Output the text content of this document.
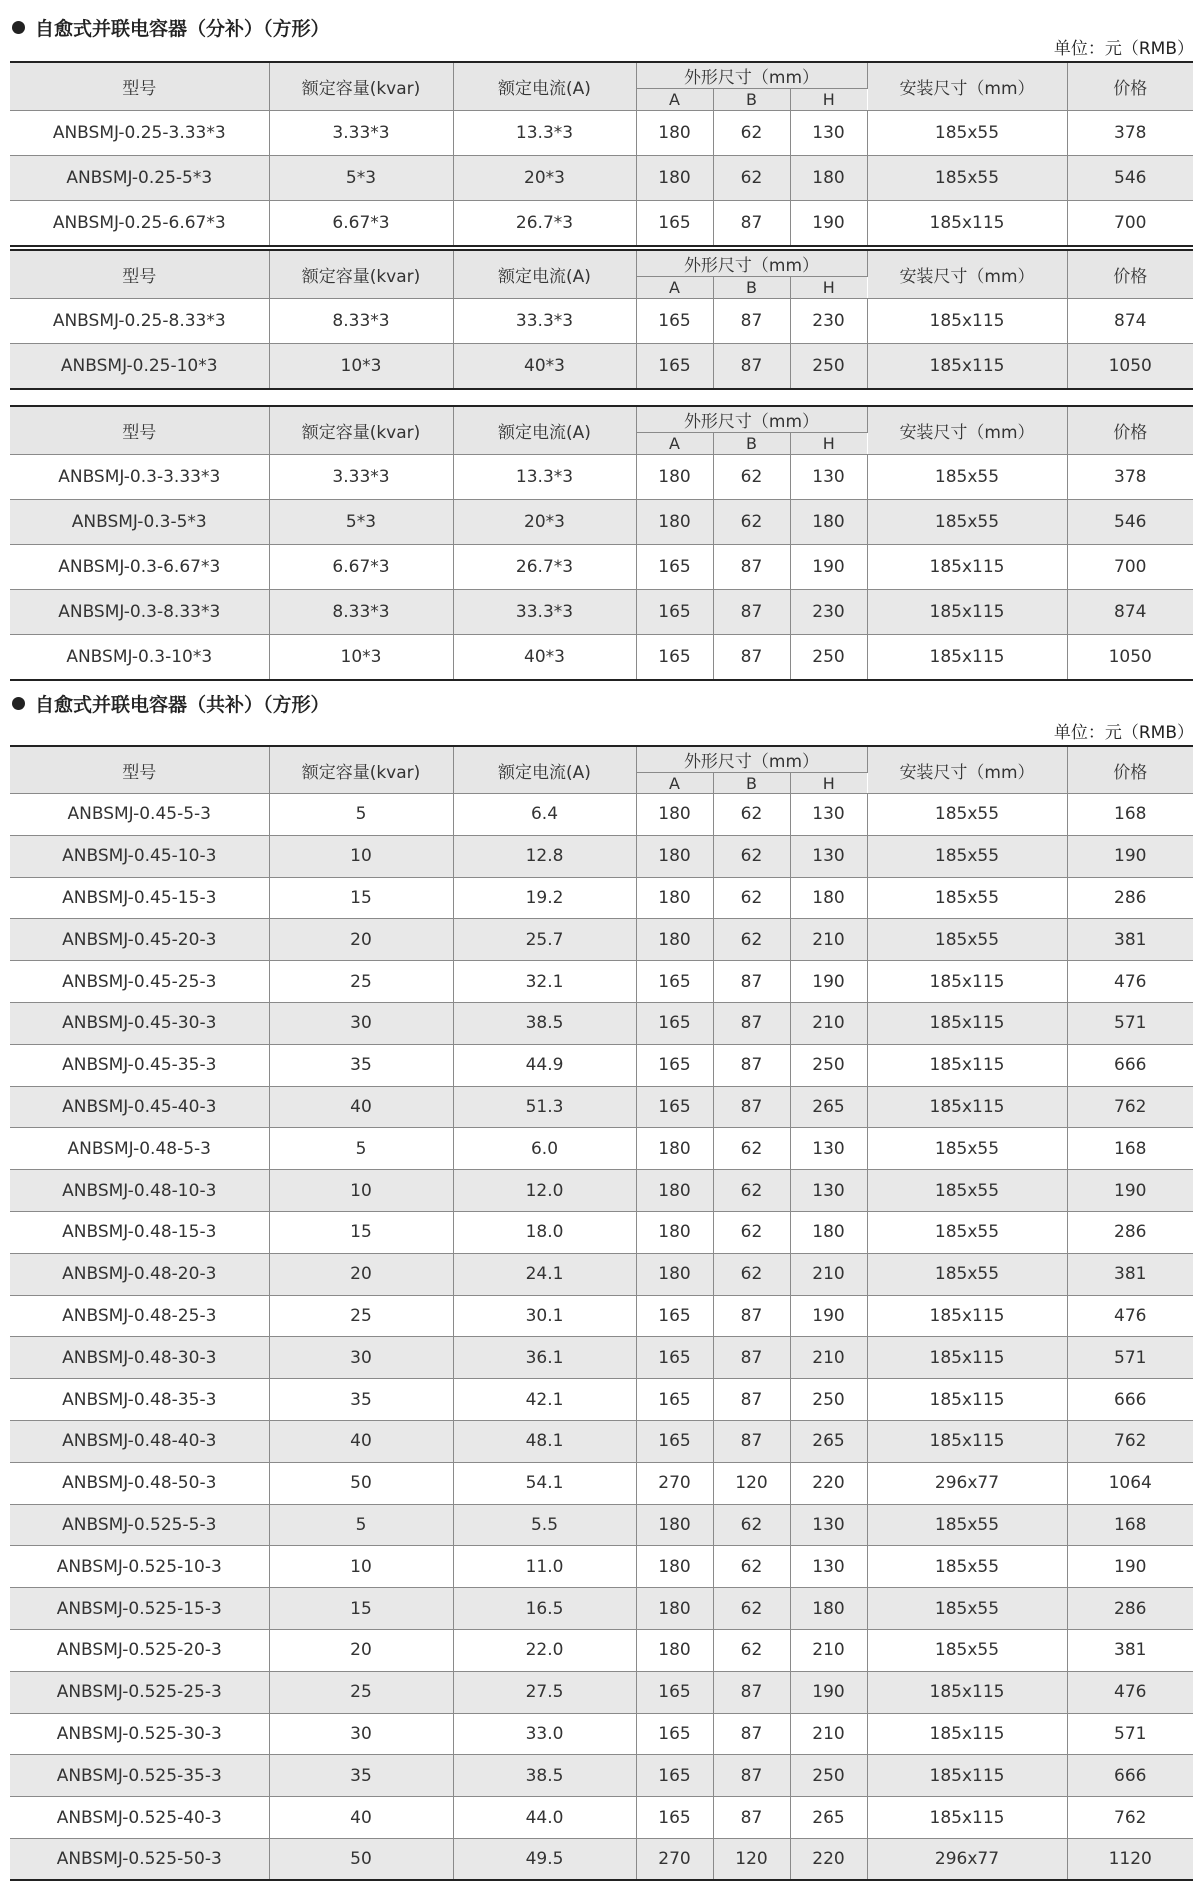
自愈式并联电容器（分补）（方形）
单位：元（RMB）
型号	额定容量(kvar)	额定电流(A)	外形尺寸（mm）			安装尺寸（mm）	价格
			A	B	H		
ANBSMJ-0.25-3.33*3	3.33*3	13.3*3	180	62	130	185x55	378
ANBSMJ-0.25-5*3	5*3	20*3	180	62	180	185x55	546
ANBSMJ-0.25-6.67*3	6.67*3	26.7*3	165	87	190	185x115	700
型号	额定容量(kvar)	额定电流(A)	外形尺寸（mm）			安装尺寸（mm）	价格
			A	B	H		
ANBSMJ-0.25-8.33*3	8.33*3	33.3*3	165	87	230	185x115	874
ANBSMJ-0.25-10*3	10*3	40*3	165	87	250	185x115	1050
型号	额定容量(kvar)	额定电流(A)	外形尺寸（mm）			安装尺寸（mm）	价格
			A	B	H		
ANBSMJ-0.3-3.33*3	3.33*3	13.3*3	180	62	130	185x55	378
ANBSMJ-0.3-5*3	5*3	20*3	180	62	180	185x55	546
ANBSMJ-0.3-6.67*3	6.67*3	26.7*3	165	87	190	185x115	700
ANBSMJ-0.3-8.33*3	8.33*3	33.3*3	165	87	230	185x115	874
ANBSMJ-0.3-10*3	10*3	40*3	165	87	250	185x115	1050
自愈式并联电容器（共补）（方形）
单位：元（RMB）
型号	额定容量(kvar)	额定电流(A)	外形尺寸（mm）			安装尺寸（mm）	价格
			A	B	H		
ANBSMJ-0.45-5-3	5	6.4	180	62	130	185x55	168
ANBSMJ-0.45-10-3	10	12.8	180	62	130	185x55	190
ANBSMJ-0.45-15-3	15	19.2	180	62	180	185x55	286
ANBSMJ-0.45-20-3	20	25.7	180	62	210	185x55	381
ANBSMJ-0.45-25-3	25	32.1	165	87	190	185x115	476
ANBSMJ-0.45-30-3	30	38.5	165	87	210	185x115	571
ANBSMJ-0.45-35-3	35	44.9	165	87	250	185x115	666
ANBSMJ-0.45-40-3	40	51.3	165	87	265	185x115	762
ANBSMJ-0.48-5-3	5	6.0	180	62	130	185x55	168
ANBSMJ-0.48-10-3	10	12.0	180	62	130	185x55	190
ANBSMJ-0.48-15-3	15	18.0	180	62	180	185x55	286
ANBSMJ-0.48-20-3	20	24.1	180	62	210	185x55	381
ANBSMJ-0.48-25-3	25	30.1	165	87	190	185x115	476
ANBSMJ-0.48-30-3	30	36.1	165	87	210	185x115	571
ANBSMJ-0.48-35-3	35	42.1	165	87	250	185x115	666
ANBSMJ-0.48-40-3	40	48.1	165	87	265	185x115	762
ANBSMJ-0.48-50-3	50	54.1	270	120	220	296x77	1064
ANBSMJ-0.525-5-3	5	5.5	180	62	130	185x55	168
ANBSMJ-0.525-10-3	10	11.0	180	62	130	185x55	190
ANBSMJ-0.525-15-3	15	16.5	180	62	180	185x55	286
ANBSMJ-0.525-20-3	20	22.0	180	62	210	185x55	381
ANBSMJ-0.525-25-3	25	27.5	165	87	190	185x115	476
ANBSMJ-0.525-30-3	30	33.0	165	87	210	185x115	571
ANBSMJ-0.525-35-3	35	38.5	165	87	250	185x115	666
ANBSMJ-0.525-40-3	40	44.0	165	87	265	185x115	762
ANBSMJ-0.525-50-3	50	49.5	270	120	220	296x77	1120
